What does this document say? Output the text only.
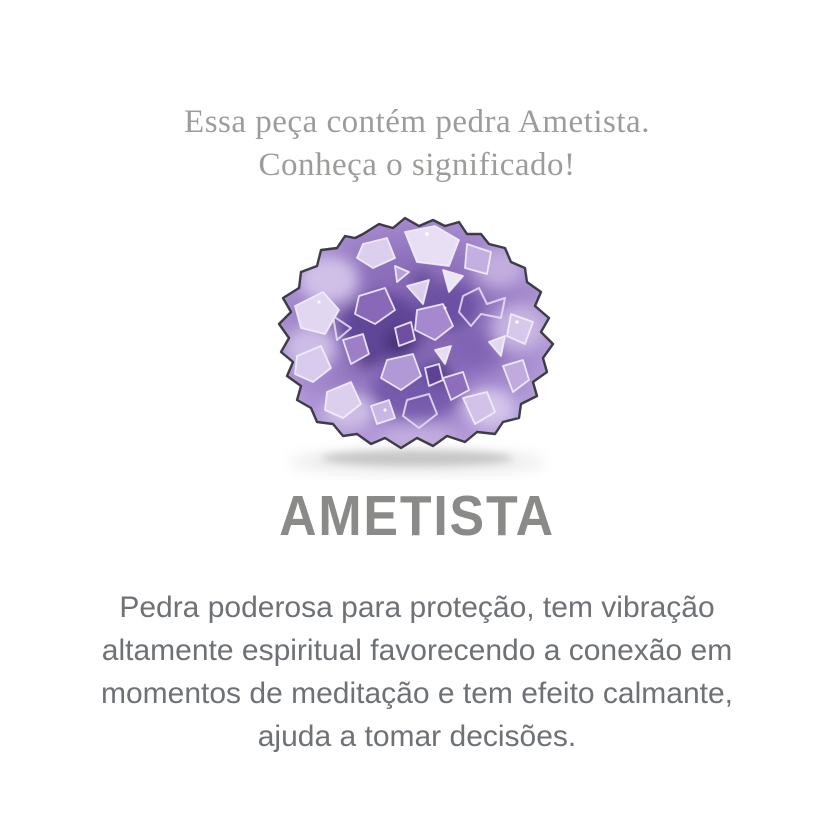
Essa peça contém pedra Ametista.
Conheça o significado!
AMETISTA
Pedra poderosa para proteção, tem vibração
altamente espiritual favorecendo a conexão em
momentos de meditação e tem efeito calmante,
ajuda a tomar decisões.
